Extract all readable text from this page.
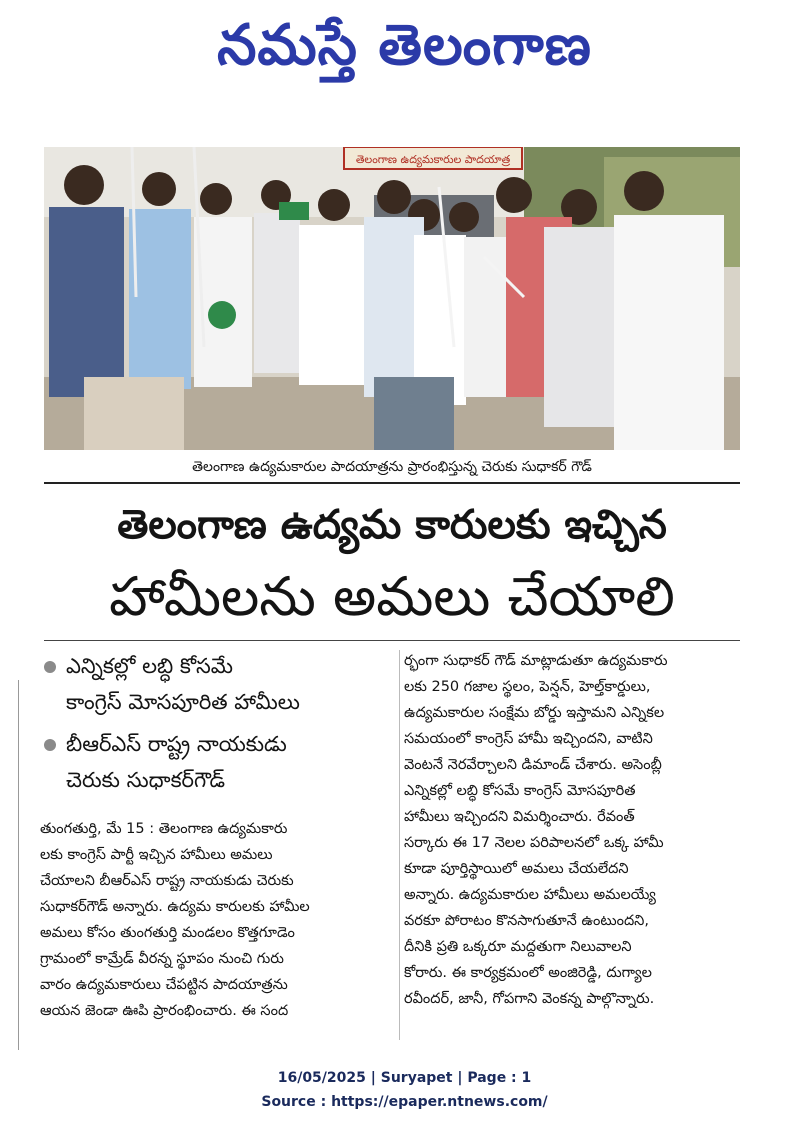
నమస్తే తెలంగాణ
తెలంగాణ ఉద్యమకారుల పాదయాత్ర
తెలంగాణ ఉద్యమకారుల పాదయాత్రను ప్రారంభిస్తున్న చెరుకు సుధాకర్ గౌడ్
తెలంగాణ ఉద్యమ కారులకు ఇచ్చిన
హామీలను అమలు చేయాలి
ఎన్నికల్లో లబ్ధి కోసమే
కాంగ్రెస్ మోసపూరిత హామీలు
బీఆర్ఎస్ రాష్ట్ర నాయకుడు
చెరుకు సుధాకర్‌గౌడ్
తుంగతుర్తి, మే 15 : తెలంగాణ ఉద్యమకారు
లకు కాంగ్రెస్ పార్టీ ఇచ్చిన హామీలు అమలు
చేయాలని బీఆర్ఎస్ రాష్ట్ర నాయకుడు చెరుకు
సుధాకర్‌గౌడ్ అన్నారు. ఉద్యమ కారులకు హామీల
అమలు కోసం తుంగతుర్తి మండలం కొత్తగూడెం
గ్రామంలో కామ్రేడ్ వీరన్న స్థూపం నుంచి గురు
వారం ఉద్యమకారులు చేపట్టిన పాదయాత్రను
ఆయన జెండా ఊపి ప్రారంభించారు. ఈ సంద
ర్భంగా సుధాకర్ గౌడ్ మాట్లాడుతూ ఉద్యమకారు
లకు 250 గజాల స్థలం, పెన్షన్, హెల్త్‌కార్డులు,
ఉద్యమకారుల సంక్షేమ బోర్డు ఇస్తామని ఎన్నికల
సమయంలో కాంగ్రెస్ హామీ ఇచ్చిందని, వాటిని
వెంటనే నెరవేర్చాలని డిమాండ్ చేశారు. అసెంబ్లీ
ఎన్నికల్లో లబ్ధి కోసమే కాంగ్రెస్ మోసపూరిత
హామీలు ఇచ్చిందని విమర్శించారు. రేవంత్
సర్కారు ఈ 17 నెలల పరిపాలనలో ఒక్క హామీ
కూడా పూర్తిస్థాయిలో అమలు చేయలేదని
అన్నారు. ఉద్యమకారుల హామీలు అమలయ్యే
వరకూ పోరాటం కొనసాగుతూనే ఉంటుందని,
దీనికి ప్రతి ఒక్కరూ మద్దతుగా నిలువాలని
కోరారు. ఈ కార్యక్రమంలో అంజిరెడ్డి, దుగ్యాల
రవీందర్, జానీ, గోపగాని వెంకన్న పాల్గొన్నారు.
16/05/2025 | Suryapet | Page : 1
Source : https://epaper.ntnews.com/
